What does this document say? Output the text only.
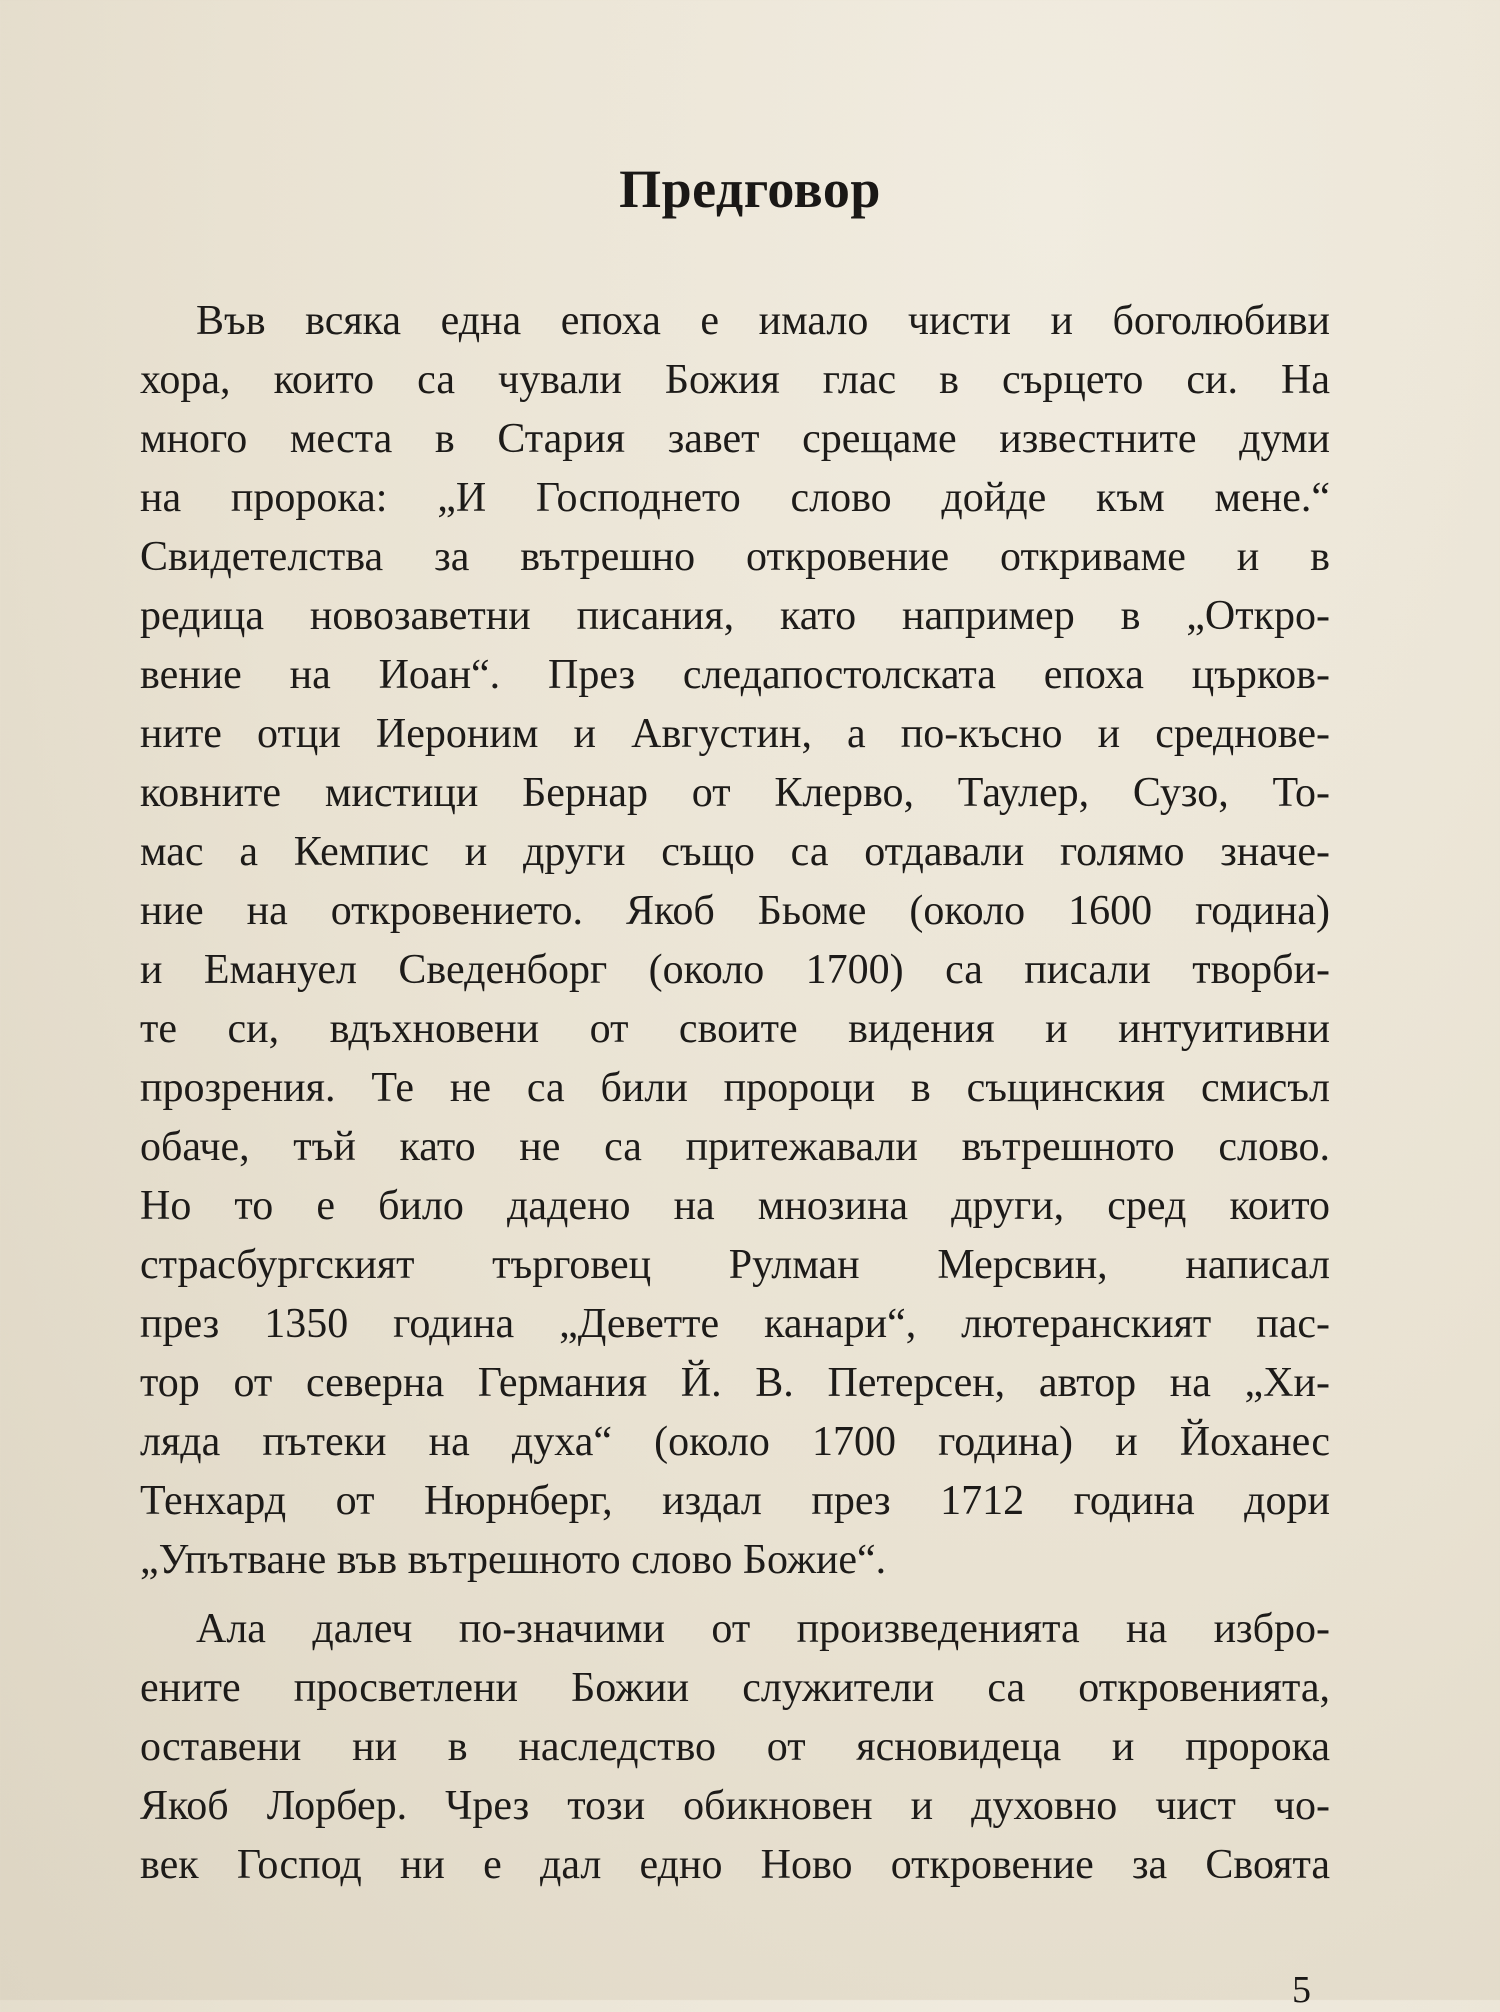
Предговор
Във всяка една епоха е имало чисти и боголюбиви
хора, които са чували Божия глас в сърцето си. На
много места в Стария завет срещаме известните думи
на пророка: „И Господнето слово дойде към мене.“
Свидетелства за вътрешно откровение откриваме и в
редица новозаветни писания, като например в „Откро-
вение на Иоан“. През следапостолската епоха църков-
ните отци Иероним и Августин, а по-късно и среднове-
ковните мистици Бернар от Клерво, Таулер, Сузо, То-
мас а Кемпис и други също са отдавали голямо значе-
ние на откровението. Якоб Бьоме (около 1600 година)
и Емануел Сведенборг (около 1700) са писали творби-
те си, вдъхновени от своите видения и интуитивни
прозрения. Те не са били пророци в същинския смисъл
обаче, тъй като не са притежавали вътрешното слово.
Но то е било дадено на мнозина други, сред които
страсбургският търговец Рулман Мерсвин, написал
през 1350 година „Деветте канари“, лютеранският пас-
тор от северна Германия Й. В. Петерсен, автор на „Хи-
ляда пътеки на духа“ (около 1700 година) и Йоханес
Тенхард от Нюрнберг, издал през 1712 година дори
„Упътване във вътрешното слово Божие“.
Ала далеч по-значими от произведенията на избро-
ените просветлени Божии служители са откровенията,
оставени ни в наследство от ясновидеца и пророка
Якоб Лорбер. Чрез този обикновен и духовно чист чо-
век Господ ни е дал едно Ново откровение за Своята
5
